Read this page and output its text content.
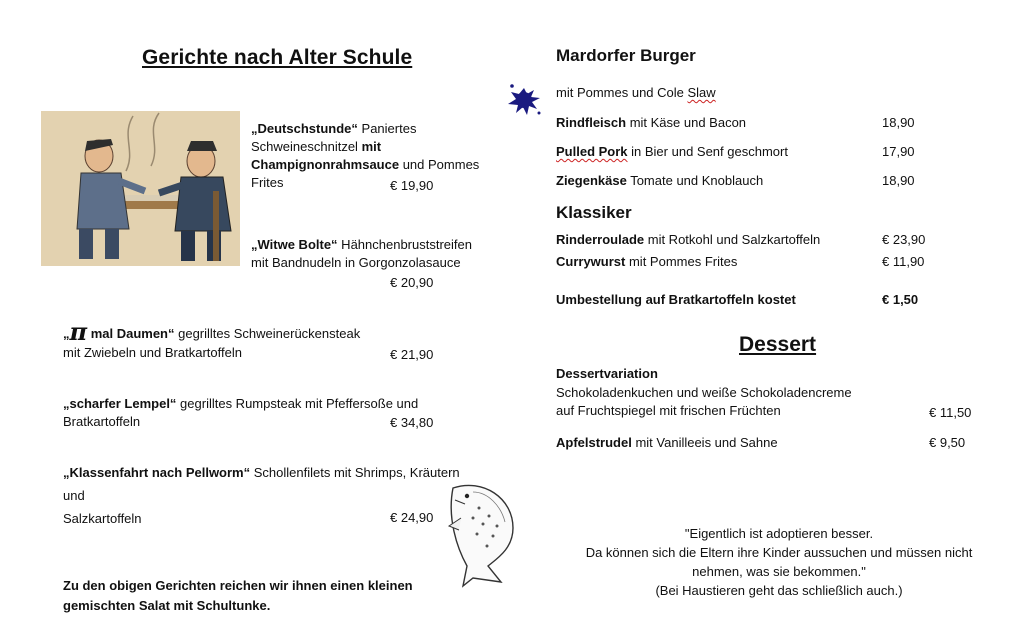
Gerichte nach Alter Schule
„Deutschstunde“ Paniertes
Schweineschnitzel mit
Champignonrahmsauce und Pommes
Frites	€ 19,90
„Witwe Bolte“ Hähnchenbruststreifen
mit Bandnudeln in Gorgonzolasauce
€ 20,90
„π mal Daumen“ gegrilltes Schweinerückensteak
mit Zwiebeln und Bratkartoffeln	€ 21,90
„scharfer Lempel“ gegrilltes Rumpsteak mit Pfeffersoße und
Bratkartoffeln	€ 34,80
„Klassenfahrt nach Pellworm“ Schollenfilets mit Shrimps, Kräutern
und
Salzkartoffeln	€ 24,90
Zu den obigen Gerichten reichen wir ihnen einen kleinen
gemischten Salat mit Schultunke.
Mardorfer Burger
mit Pommes und Cole Slaw
Rindfleisch mit Käse und Bacon	18,90
Pulled Pork in Bier und Senf geschmort	17,90
Ziegenkäse Tomate und Knoblauch	18,90
Klassiker
Rinderroulade mit Rotkohl und Salzkartoffeln	€ 23,90
Currywurst mit Pommes Frites	€ 11,90
Umbestellung auf Bratkartoffeln kostet	€ 1,50
Dessert
Dessertvariation
Schokoladenkuchen und weiße Schokoladencreme
auf Fruchtspiegel mit frischen Früchten	€ 11,50
Apfelstrudel mit Vanilleeis und Sahne	€ 9,50
"Eigentlich ist adoptieren besser.
Da können sich die Eltern ihre Kinder aussuchen und müssen nicht
nehmen, was sie bekommen."
(Bei Haustieren geht das schließlich auch.)
